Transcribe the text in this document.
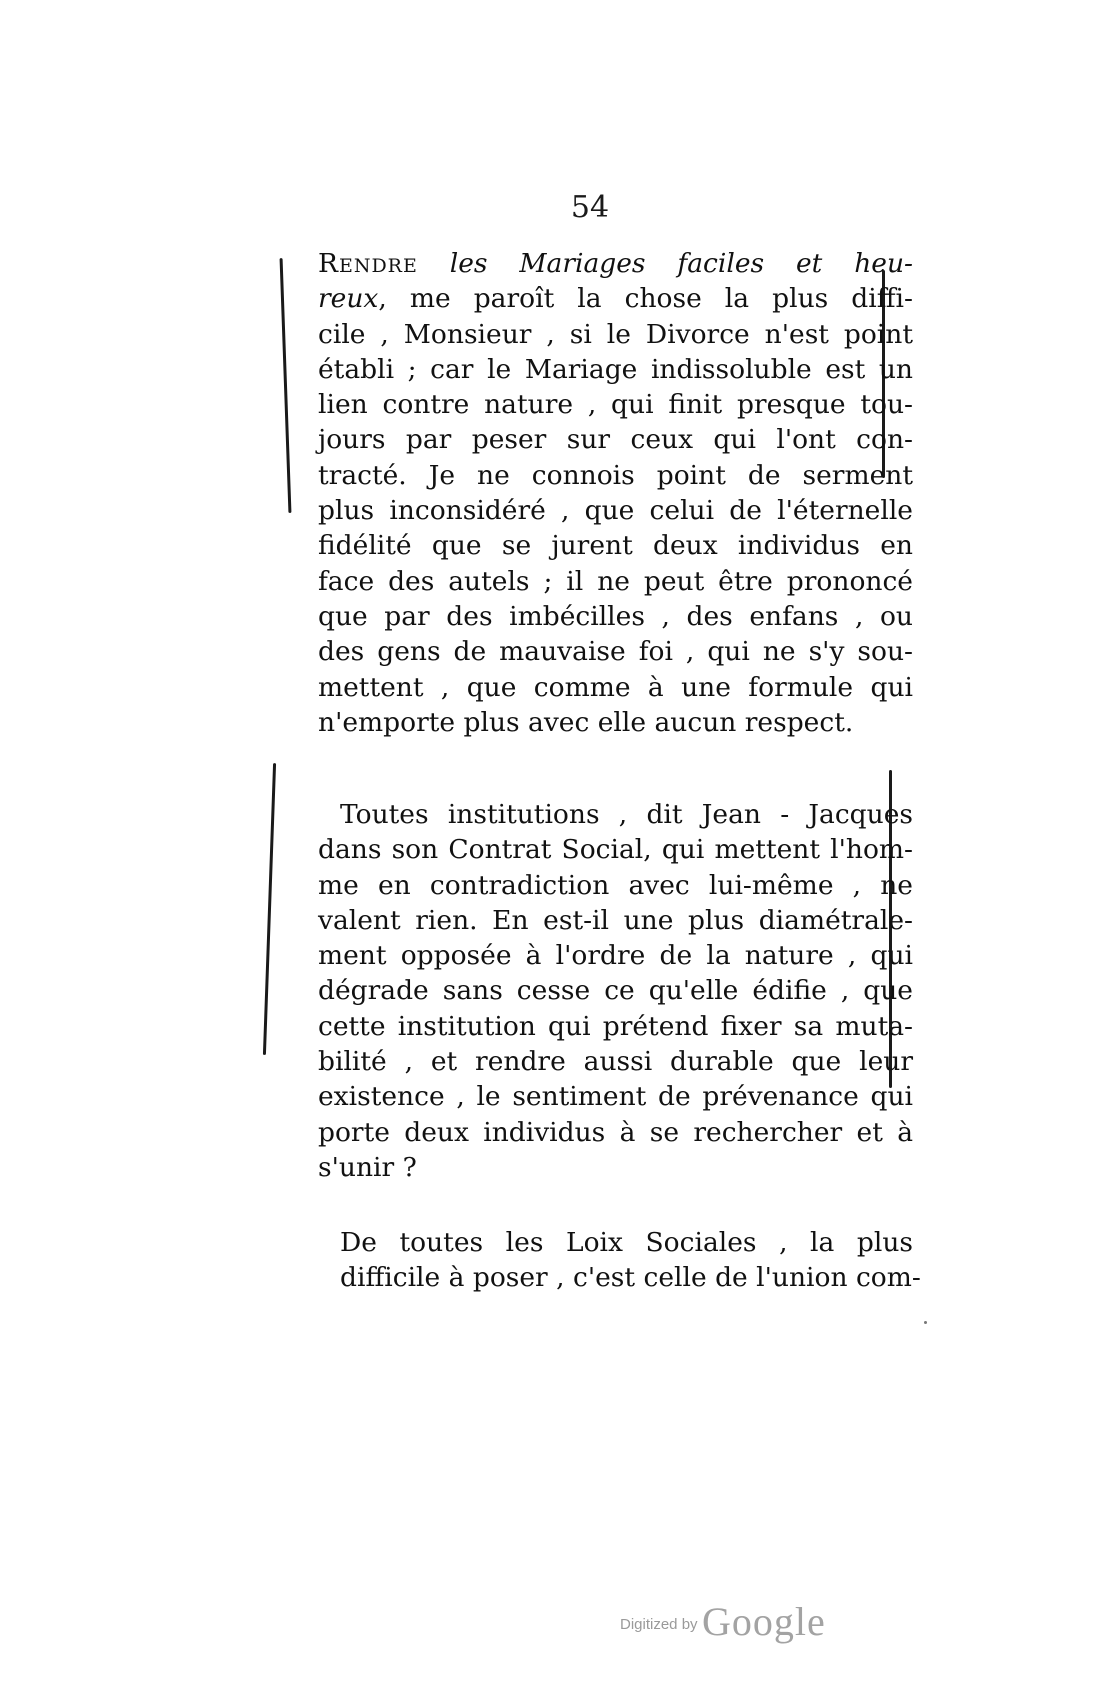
54
Rendre les Mariages faciles et heu-
reux, me paroît la chose la plus diffi-
cile , Monsieur , si le Divorce n'est point
établi ; car le Mariage indissoluble est un
lien contre nature , qui finit presque tou-
jours par peser sur ceux qui l'ont con-
tracté. Je ne connois point de serment
plus inconsidéré , que celui de l'éternelle
fidélité que se jurent deux individus en
face des autels ; il ne peut être prononcé
que par des imbécilles , des enfans , ou
des gens de mauvaise foi , qui ne s'y sou-
mettent , que comme à une formule qui
n'emporte plus avec elle aucun respect.
Toutes institutions , dit Jean - Jacques
dans son Contrat Social, qui mettent l'hom-
me en contradiction avec lui-même , ne
valent rien. En est-il une plus diamétrale-
ment opposée à l'ordre de la nature , qui
dégrade sans cesse ce qu'elle édifie , que
cette institution qui prétend fixer sa muta-
bilité , et rendre aussi durable que leur
existence , le sentiment de prévenance qui
porte deux individus à se rechercher et à
s'unir ?
De toutes les Loix Sociales , la plus
difficile à poser , c'est celle de l'union com-
Digitized by Google
